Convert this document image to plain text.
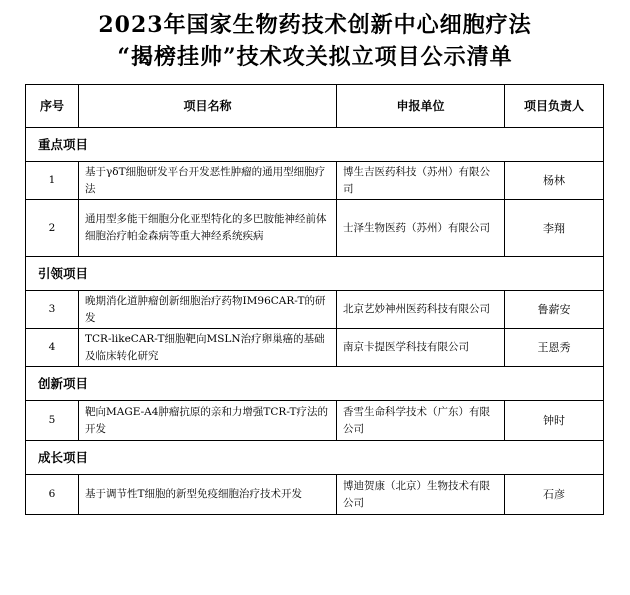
2023年国家生物药技术创新中心细胞疗法
“揭榜挂帅”技术攻关拟立项目公示清单
序号	项目名称	申报单位	项目负责人
重点项目			
1	基于γδT细胞研发平台开发恶性肿瘤的通用型细胞疗法	博生吉医药科技（苏州）有限公司	杨林
2	通用型多能干细胞分化亚型特化的多巴胺能神经前体细胞治疗帕金森病等重大神经系统疾病	士泽生物医药（苏州）有限公司	李翔
引领项目			
3	晚期消化道肿瘤创新细胞治疗药物IM96CAR-T的研发	北京艺妙神州医药科技有限公司	鲁薪安
4	TCR-likeCAR-T细胞靶向MSLN治疗卵巢癌的基础及临床转化研究	南京卡提医学科技有限公司	王恩秀
创新项目			
5	靶向MAGE-A4肿瘤抗原的亲和力增强TCR-T疗法的开发	香雪生命科学技术（广东）有限公司	钟时
成长项目			
6	基于调节性T细胞的新型免疫细胞治疗技术开发	博迪贺康（北京）生物技术有限公司	石彦
